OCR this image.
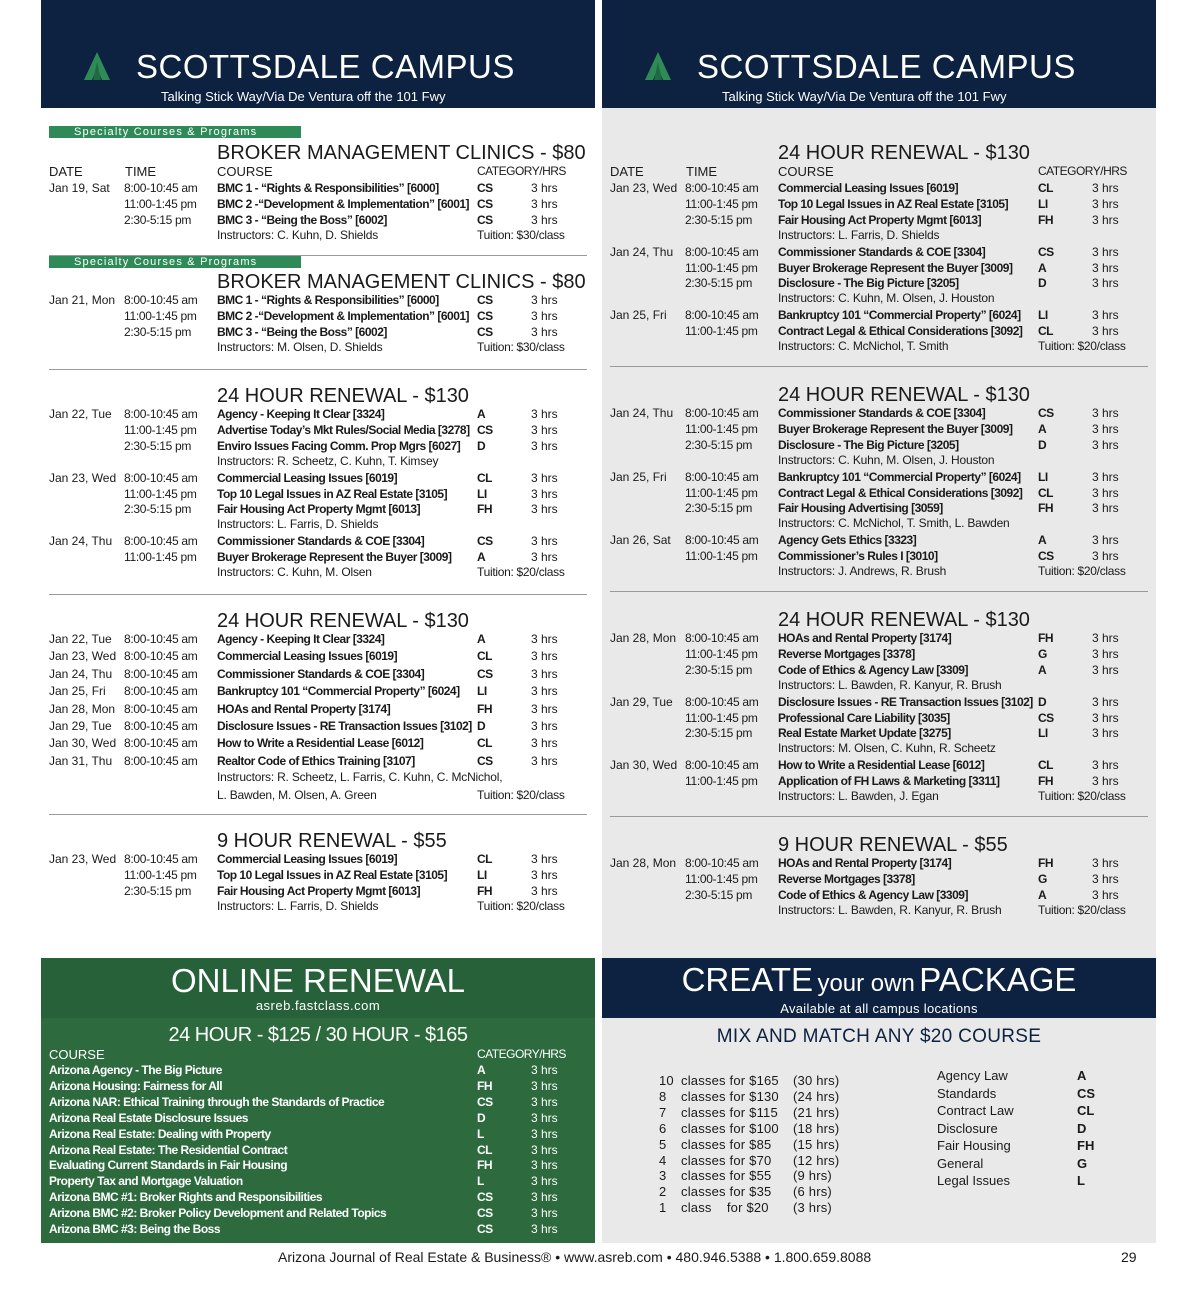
SCOTTSDALE CAMPUS
Talking Stick Way/Via De Ventura off the 101 Fwy
SCOTTSDALE CAMPUS
Talking Stick Way/Via De Ventura off the 101 Fwy
Specialty Courses & Programs
Specialty Courses & Programs
DATE	TIME	COURSE	CATEGORY/HRS	DATE	TIME	COURSE	CATEGORY/HRS
BROKER MANAGEMENT CLINICS - $80
Jan 19, Sat 8:00-10:45 am BMC 1 - “Rights & Responsibilities” [6000]	CS	3 hrs
11:00-1:45 pm BMC 2 -“Development & Implementation” [6001] CS	3 hrs
2:30-5:15 pm BMC 3 - “Being the Boss” [6002]	CS	3 hrs
Instructors: C. Kuhn, D. Shields	Tuition: $30/class
BROKER MANAGEMENT CLINICS - $80
Jan 21, Mon 8:00-10:45 am BMC 1 - “Rights & Responsibilities” [6000]	CS	3 hrs
11:00-1:45 pm BMC 2 -“Development & Implementation” [6001] CS	3 hrs
2:30-5:15 pm BMC 3 - “Being the Boss” [6002]	CS	3 hrs
Instructors: M. Olsen, D. Shields	Tuition: $30/class
24 HOUR RENEWAL - $130
Jan 22, Tue 8:00-10:45 am Agency - Keeping It Clear [3324]	A	3 hrs
11:00-1:45 pm Advertise Today’s Mkt Rules/Social Media [3278] CS	3 hrs
2:30-5:15 pm Enviro Issues Facing Comm. Prop Mgrs [6027] D	3 hrs
Instructors: R. Scheetz, C. Kuhn, T. Kimsey
Jan 23, Wed 8:00-10:45 am Commercial Leasing Issues [6019]	CL	3 hrs
11:00-1:45 pm Top 10 Legal Issues in AZ Real Estate [3105] LI	3 hrs
2:30-5:15 pm Fair Housing Act Property Mgmt [6013]	FH	3 hrs
Instructors: L. Farris, D. Shields
Jan 24, Thu 8:00-10:45 am Commissioner Standards & COE [3304]	CS	3 hrs
11:00-1:45 pm Buyer Brokerage Represent the Buyer [3009] A	3 hrs
Instructors: C. Kuhn, M. Olsen	Tuition: $20/class
24 HOUR RENEWAL - $130
Jan 22, Tue 8:00-10:45 am Agency - Keeping It Clear [3324]	A	3 hrs
Jan 23, Wed 8:00-10:45 am Commercial Leasing Issues [6019]	CL	3 hrs
Jan 24, Thu 8:00-10:45 am Commissioner Standards & COE [3304]	CS	3 hrs
Jan 25, Fri 8:00-10:45 am Bankruptcy 101 “Commercial Property” [6024] LI	3 hrs
Jan 28, Mon 8:00-10:45 am HOAs and Rental Property [3174]	FH	3 hrs
Jan 29, Tue 8:00-10:45 am Disclosure Issues - RE Transaction Issues [3102] D	3 hrs
Jan 30, Wed 8:00-10:45 am How to Write a Residential Lease [6012]	CL	3 hrs
Jan 31, Thu 8:00-10:45 am Realtor Code of Ethics Training [3107]	CS	3 hrs
Instructors: R. Scheetz, L. Farris, C. Kuhn, C. McNichol,
L. Bawden, M. Olsen, A. Green	Tuition: $20/class
9 HOUR RENEWAL - $55
Jan 23, Wed 8:00-10:45 am Commercial Leasing Issues [6019]	CL	3 hrs
11:00-1:45 pm Top 10 Legal Issues in AZ Real Estate [3105] LI	3 hrs
2:30-5:15 pm Fair Housing Act Property Mgmt [6013]	FH	3 hrs
Instructors: L. Farris, D. Shields	Tuition: $20/class
24 HOUR RENEWAL - $130
Jan 23, Wed 8:00-10:45 am Commercial Leasing Issues [6019]	CL	3 hrs
11:00-1:45 pm Top 10 Legal Issues in AZ Real Estate [3105] LI	3 hrs
2:30-5:15 pm Fair Housing Act Property Mgmt [6013]	FH	3 hrs
Instructors: L. Farris, D. Shields
Jan 24, Thu 8:00-10:45 am Commissioner Standards & COE [3304]	CS	3 hrs
11:00-1:45 pm Buyer Brokerage Represent the Buyer [3009] A	3 hrs
2:30-5:15 pm Disclosure - The Big Picture [3205]	D	3 hrs
Instructors: C. Kuhn, M. Olsen, J. Houston
Jan 25, Fri 8:00-10:45 am Bankruptcy 101 “Commercial Property” [6024] LI	3 hrs
11:00-1:45 pm Contract Legal & Ethical Considerations [3092] CL	3 hrs
Instructors: C. McNichol, T. Smith	Tuition: $20/class
24 HOUR RENEWAL - $130
Jan 24, Thu 8:00-10:45 am Commissioner Standards & COE [3304]	CS	3 hrs
11:00-1:45 pm Buyer Brokerage Represent the Buyer [3009] A	3 hrs
2:30-5:15 pm Disclosure - The Big Picture [3205]	D	3 hrs
Instructors: C. Kuhn, M. Olsen, J. Houston
Jan 25, Fri 8:00-10:45 am Bankruptcy 101 “Commercial Property” [6024] LI	3 hrs
11:00-1:45 pm Contract Legal & Ethical Considerations [3092] CL	3 hrs
2:30-5:15 pm Fair Housing Advertising [3059]	FH	3 hrs
Instructors: C. McNichol, T. Smith, L. Bawden
Jan 26, Sat 8:00-10:45 am Agency Gets Ethics [3323]	A	3 hrs
11:00-1:45 pm Commissioner’s Rules I [3010]	CS	3 hrs
Instructors: J. Andrews, R. Brush	Tuition: $20/class
24 HOUR RENEWAL - $130
Jan 28, Mon 8:00-10:45 am HOAs and Rental Property [3174]	FH	3 hrs
11:00-1:45 pm Reverse Mortgages [3378]	G	3 hrs
2:30-5:15 pm Code of Ethics & Agency Law [3309]	A	3 hrs
Instructors: L. Bawden, R. Kanyur, R. Brush
Jan 29, Tue 8:00-10:45 am Disclosure Issues - RE Transaction Issues [3102] D	3 hrs
11:00-1:45 pm Professional Care Liability [3035]	CS	3 hrs
2:30-5:15 pm Real Estate Market Update [3275]	LI	3 hrs
Instructors: M. Olsen, C. Kuhn, R. Scheetz
Jan 30, Wed 8:00-10:45 am How to Write a Residential Lease [6012]	CL	3 hrs
11:00-1:45 pm Application of FH Laws & Marketing [3311]	FH	3 hrs
Instructors: L. Bawden, J. Egan	Tuition: $20/class
9 HOUR RENEWAL - $55
Jan 28, Mon 8:00-10:45 am HOAs and Rental Property [3174]	FH	3 hrs
11:00-1:45 pm Reverse Mortgages [3378]	G	3 hrs
2:30-5:15 pm Code of Ethics & Agency Law [3309]	A	3 hrs
Instructors: L. Bawden, R. Kanyur, R. Brush	Tuition: $20/class
ONLINE RENEWAL
asreb.fastclass.com
24 HOUR - $125 / 30 HOUR - $165
COURSE	CATEGORY/HRS
Arizona Agency - The Big Picture	A	3 hrs
Arizona Housing: Fairness for All	FH	3 hrs
Arizona NAR: Ethical Training through the Standards of Practice	CS	3 hrs
Arizona Real Estate Disclosure Issues	D	3 hrs
Arizona Real Estate: Dealing with Property	L	3 hrs
Arizona Real Estate: The Residential Contract	CL	3 hrs
Evaluating Current Standards in Fair Housing	FH	3 hrs
Property Tax and Mortgage Valuation	L	3 hrs
Arizona BMC #1: Broker Rights and Responsibilities	CS	3 hrs
Arizona BMC #2: Broker Policy Development and Related Topics	CS	3 hrs
Arizona BMC #3: Being the Boss	CS	3 hrs
CREATE your own PACKAGE
Available at all campus locations
MIX AND MATCH ANY $20 COURSE
10 classes for $165 (30 hrs)
8 classes for $130 (24 hrs)
7 classes for $115 (21 hrs)
6 classes for $100 (18 hrs)
5 classes for $85 (15 hrs)
4 classes for $70 (12 hrs)
3 classes for $55 (9 hrs)
2 classes for $35 (6 hrs)
1 class    for $20 (3 hrs)
Agency Law	A
Standards	CS
Contract Law	CL
Disclosure	D
Fair Housing	FH
General	G
Legal Issues	L
Arizona Journal of Real Estate & Business® • www.asreb.com • 480.946.5388 • 1.800.659.8088	29
